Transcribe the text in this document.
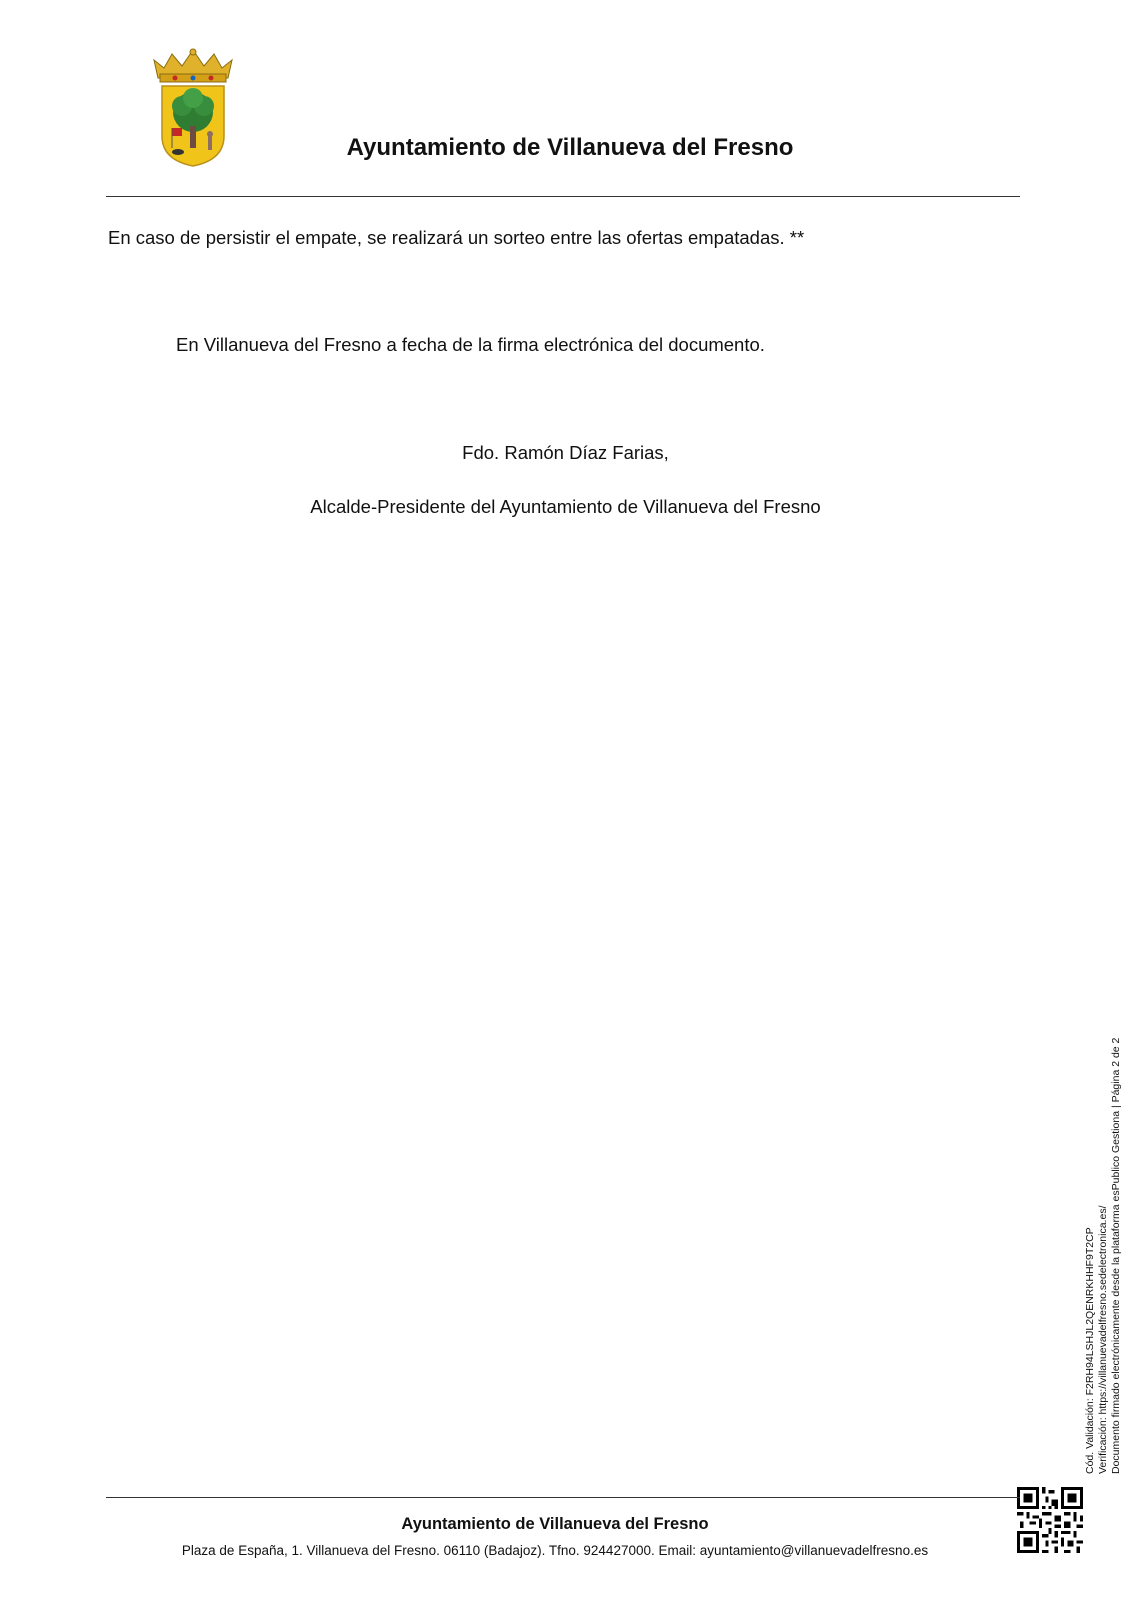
Ayuntamiento de Villanueva del Fresno
En caso de persistir el empate, se realizará un sorteo entre las ofertas empatadas. **
En Villanueva del Fresno a fecha de la firma electrónica del documento.
Fdo. Ramón Díaz Farias,
Alcalde-Presidente del Ayuntamiento de Villanueva del Fresno
Cód. Validación: F2RH94LSHJL2QENRKHHF9T2CP Verificación: https://villanuevadelfresno.sedelectronica.es/ Documento firmado electrónicamente desde la plataforma esPublico Gestiona | Página 2 de 2
Ayuntamiento de Villanueva del Fresno
Plaza de España, 1. Villanueva del Fresno. 06110 (Badajoz). Tfno. 924427000. Email: ayuntamiento@villanuevadelfresno.es
